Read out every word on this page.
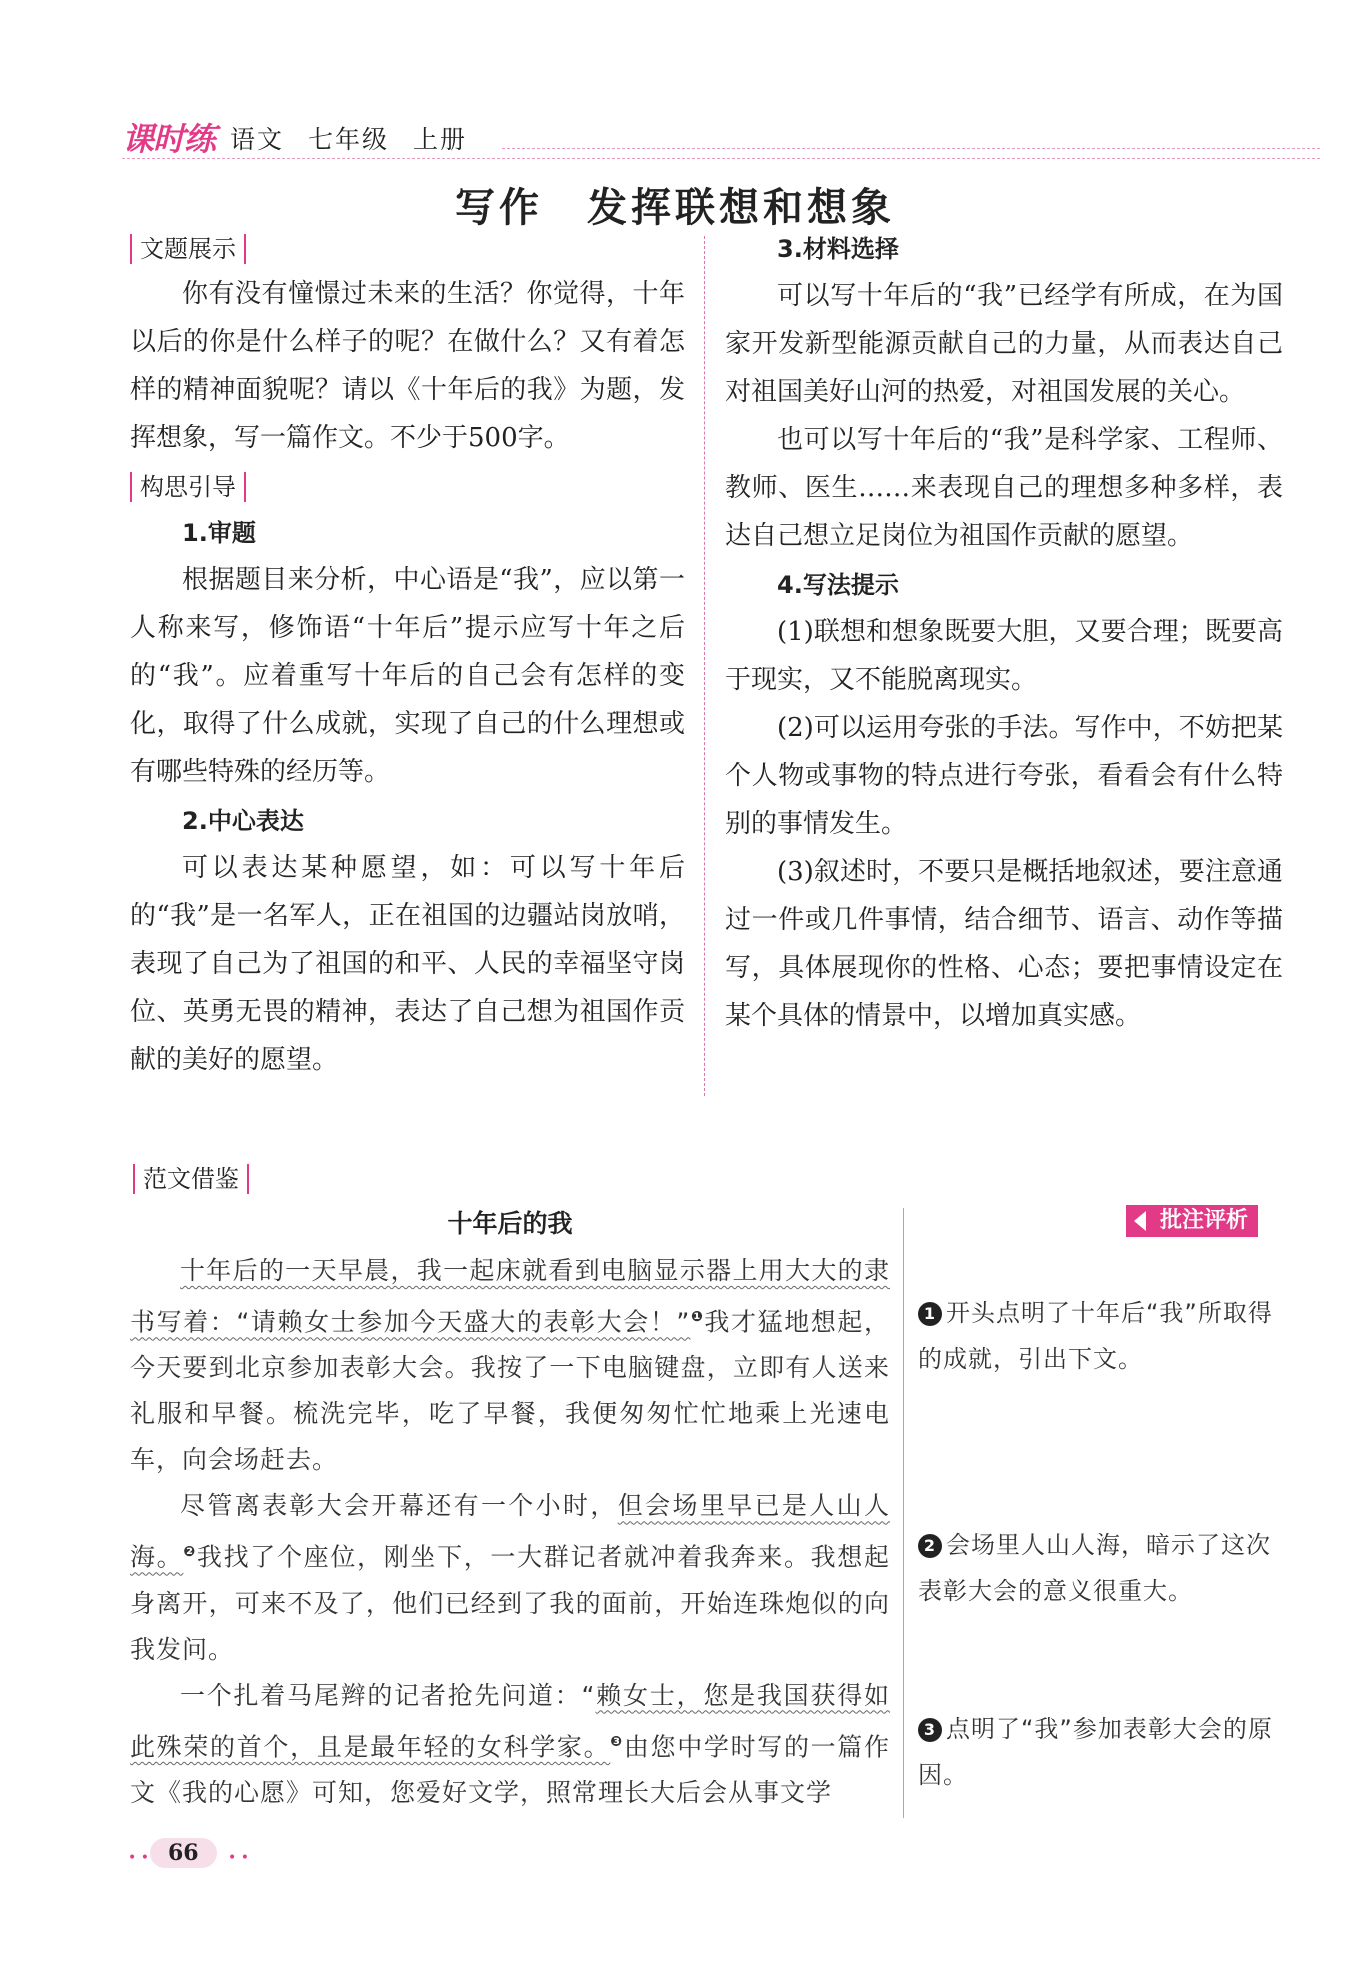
课时练 语文 七年级 上册
写作　发挥联想和想象
文题展示

你有没有憧憬过未来的生活？你觉得，十年以后的你是什么样子的呢？在做什么？又有着怎样的精神面貌呢？请以《十年后的我》为题，发挥想象，写一篇作文。不少于500字。

构思引导
1.审题

根据题目来分析，中心语是“我”，应以第一人称来写，修饰语“十年后”提示应写十年之后的“我”。应着重写十年后的自己会有怎样的变化，取得了什么成就，实现了自己的什么理想或有哪些特殊的经历等。

2.中心表达

可以表达某种愿望，如：可以写十年后的“我”是一名军人，正在祖国的边疆站岗放哨，表现了自己为了祖国的和平、人民的幸福坚守岗位、英勇无畏的精神，表达了自己想为祖国作贡献的美好的愿望。

3.材料选择

可以写十年后的“我”已经学有所成，在为国家开发新型能源贡献自己的力量，从而表达自己对祖国美好山河的热爱，对祖国发展的关心。

也可以写十年后的“我”是科学家、工程师、教师、医生……来表现自己的理想多种多样，表达自己想立足岗位为祖国作贡献的愿望。

4.写法提示

(1)联想和想象既要大胆，又要合理；既要高于现实，又不能脱离现实。

(2)可以运用夸张的手法。写作中，不妨把某个人物或事物的特点进行夸张，看看会有什么特别的事情发生。

(3)叙述时，不要只是概括地叙述，要注意通过一件或几件事情，结合细节、语言、动作等描写，具体展现你的性格、心态；要把事情设定在某个具体的情景中，以增加真实感。

范文借鉴
十年后的我

十年后的一天早晨，我一起床就看到电脑显示器上用大大的隶书写着：“请赖女士参加今天盛大的表彰大会！”$^❶$我才猛地想起，今天要到北京参加表彰大会。我按了一下电脑键盘，立即有人送来礼服和早餐。梳洗完毕，吃了早餐，我便匆匆忙忙地乘上光速电车，向会场赶去。

尽管离表彰大会开幕还有一个小时，但会场里早已是人山人海。$^❷$我找了个座位，刚坐下，一大群记者就冲着我奔来。我想起身离开，可来不及了，他们已经到了我的面前，开始连珠炮似的向我发问。

一个扎着马尾辫的记者抢先问道：“赖女士，您是我国获得如此殊荣的首个，且是最年轻的女科学家。$^❸$由您中学时写的一篇作文《我的心愿》可知，您爱好文学，照常理长大后会从事文学

批注评析
1 开头点明了十年后“我”所取得的成就，引出下文。
2 会场里人山人海，暗示了这次表彰大会的意义很重大。
3 点明了“我”参加表彰大会的原因。
• • 66	• •
